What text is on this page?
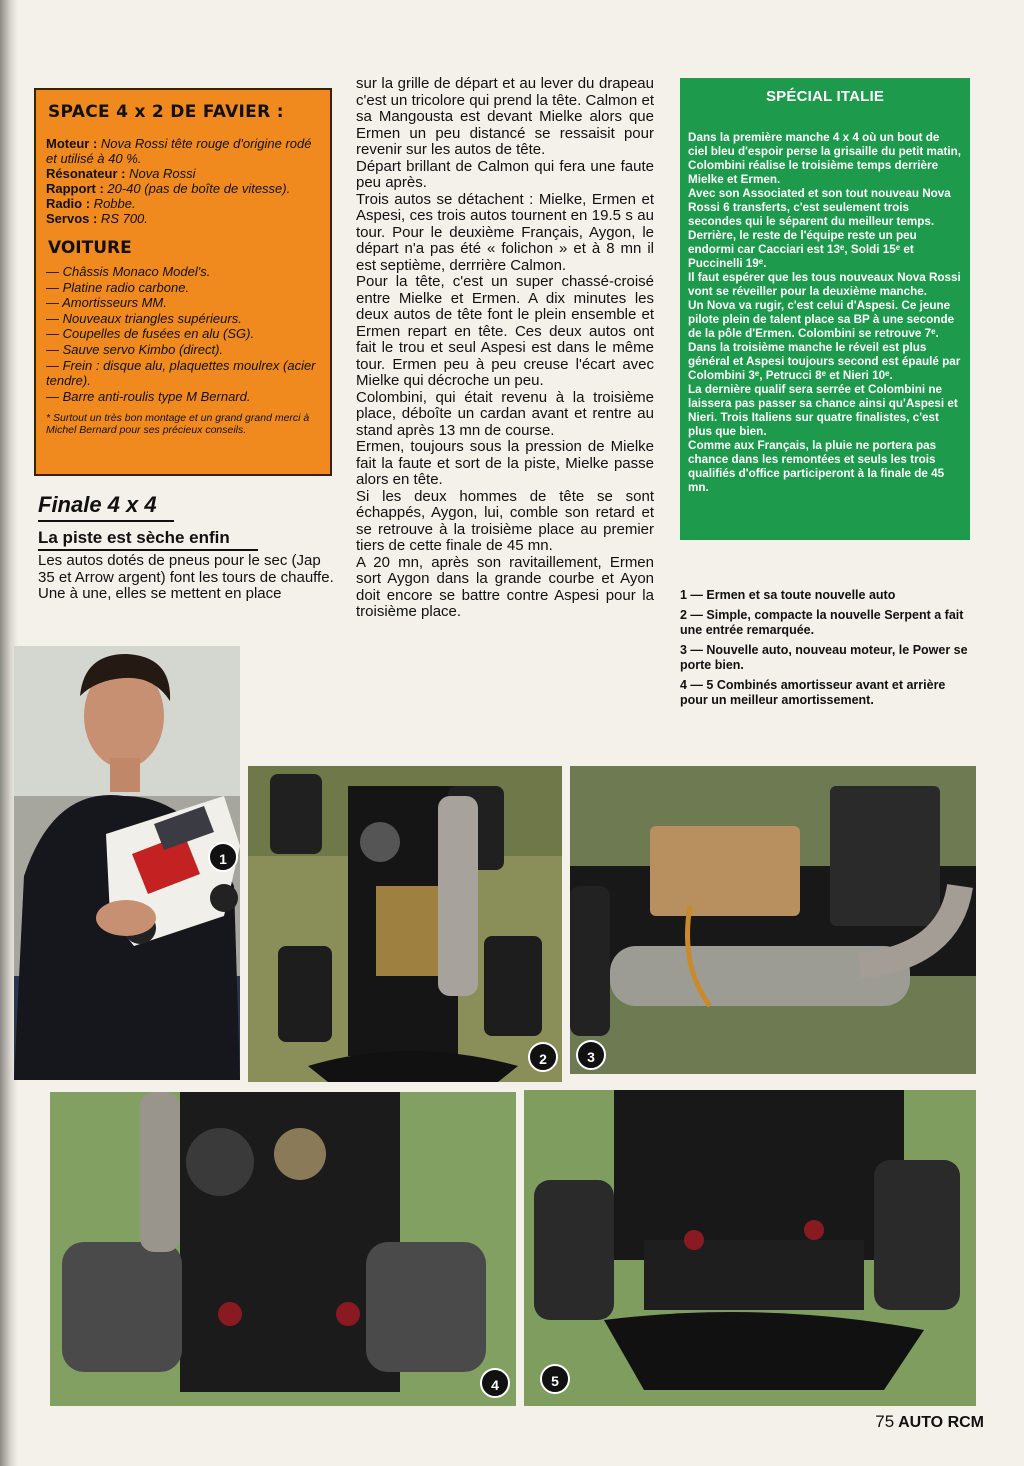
SPACE 4 x 2 DE FAVIER :

Moteur : Nova Rossi tête rouge d'origine rodé et utilisé à 40 %.

Résonateur : Nova Rossi

Rapport : 20-40 (pas de boîte de vitesse).

Radio : Robbe.

Servos : RS 700.

VOITURE
— Châssis Monaco Model's.
— Platine radio carbone.
— Amortisseurs MM.
— Nouveaux triangles supérieurs.
— Coupelles de fusées en alu (SG).
— Sauve servo Kimbo (direct).
— Frein : disque alu, plaquettes moulrex (acier tendre).
— Barre anti-roulis type M Bernard.
* Surtout un très bon montage et un grand grand merci à Michel Bernard pour ses précieux conseils.
Finale 4 x 4
La piste est sèche enfin

Les autos dotés de pneus pour le sec (Jap 35 et Arrow argent) font les tours de chauffe.

Une à une, elles se mettent en place

sur la grille de départ et au lever du drapeau c'est un tricolore qui prend la tête. Calmon et sa Mangousta est devant Mielke alors que Ermen un peu distancé se ressaisit pour revenir sur les autos de tête.

Départ brillant de Calmon qui fera une faute peu après.

Trois autos se détachent : Mielke, Ermen et Aspesi, ces trois autos tournent en 19.5 s au tour. Pour le deuxième Français, Aygon, le départ n'a pas été « folichon » et à 8 mn il est septième, derrrière Calmon.

Pour la tête, c'est un super chassé-croisé entre Mielke et Ermen. A dix minutes les deux autos de tête font le plein ensemble et Ermen repart en tête. Ces deux autos ont fait le trou et seul Aspesi est dans le même tour. Ermen peu à peu creuse l'écart avec Mielke qui décroche un peu.

Colombini, qui était revenu à la troisième place, déboîte un cardan avant et rentre au stand après 13 mn de course.

Ermen, toujours sous la pression de Mielke fait la faute et sort de la piste, Mielke passe alors en tête.

Si les deux hommes de tête se sont échappés, Aygon, lui, comble son retard et se retrouve à la troisième place au premier tiers de cette finale de 45 mn.

A 20 mn, après son ravitaillement, Ermen sort Aygon dans la grande courbe et Ayon doit encore se battre contre Aspesi pour la troisième place.

SPÉCIAL ITALIE

Dans la première manche 4 x 4 où un bout de ciel bleu d'espoir perse la grisaille du petit matin, Colombini réalise le troisième temps derrière Mielke et Ermen.

Avec son Associated et son tout nouveau Nova Rossi 6 transferts, c'est seulement trois secondes qui le séparent du meilleur temps.

Derrière, le reste de l'équipe reste un peu endormi car Cacciari est 13ᵉ, Soldi 15ᵉ et Puccinelli 19ᵉ.

Il faut espérer que les tous nouveaux Nova Rossi vont se réveiller pour la deuxième manche.

Un Nova va rugir, c'est celui d'Aspesi. Ce jeune pilote plein de talent place sa BP à une seconde de la pôle d'Ermen. Colombini se retrouve 7ᵉ.

Dans la troisième manche le réveil est plus général et Aspesi toujours second est épaulé par Colombini 3ᵉ, Petrucci 8ᵉ et Nieri 10ᵉ.

La dernière qualif sera serrée et Colombini ne laissera pas passer sa chance ainsi qu'Aspesi et Nieri. Trois Italiens sur quatre finalistes, c'est plus que bien.

Comme aux Français, la pluie ne portera pas chance dans les remontées et seuls les trois qualifiés d'office participeront à la finale de 45 mn.

1 — Ermen et sa toute nouvelle auto

2 — Simple, compacte la nouvelle Serpent a fait une entrée remarquée.

3 — Nouvelle auto, nouveau moteur, le Power se porte bien.

4 — 5 Combinés amortisseur avant et arrière pour un meilleur amortissement.

1
2	3
4	5
75 AUTO RCM
